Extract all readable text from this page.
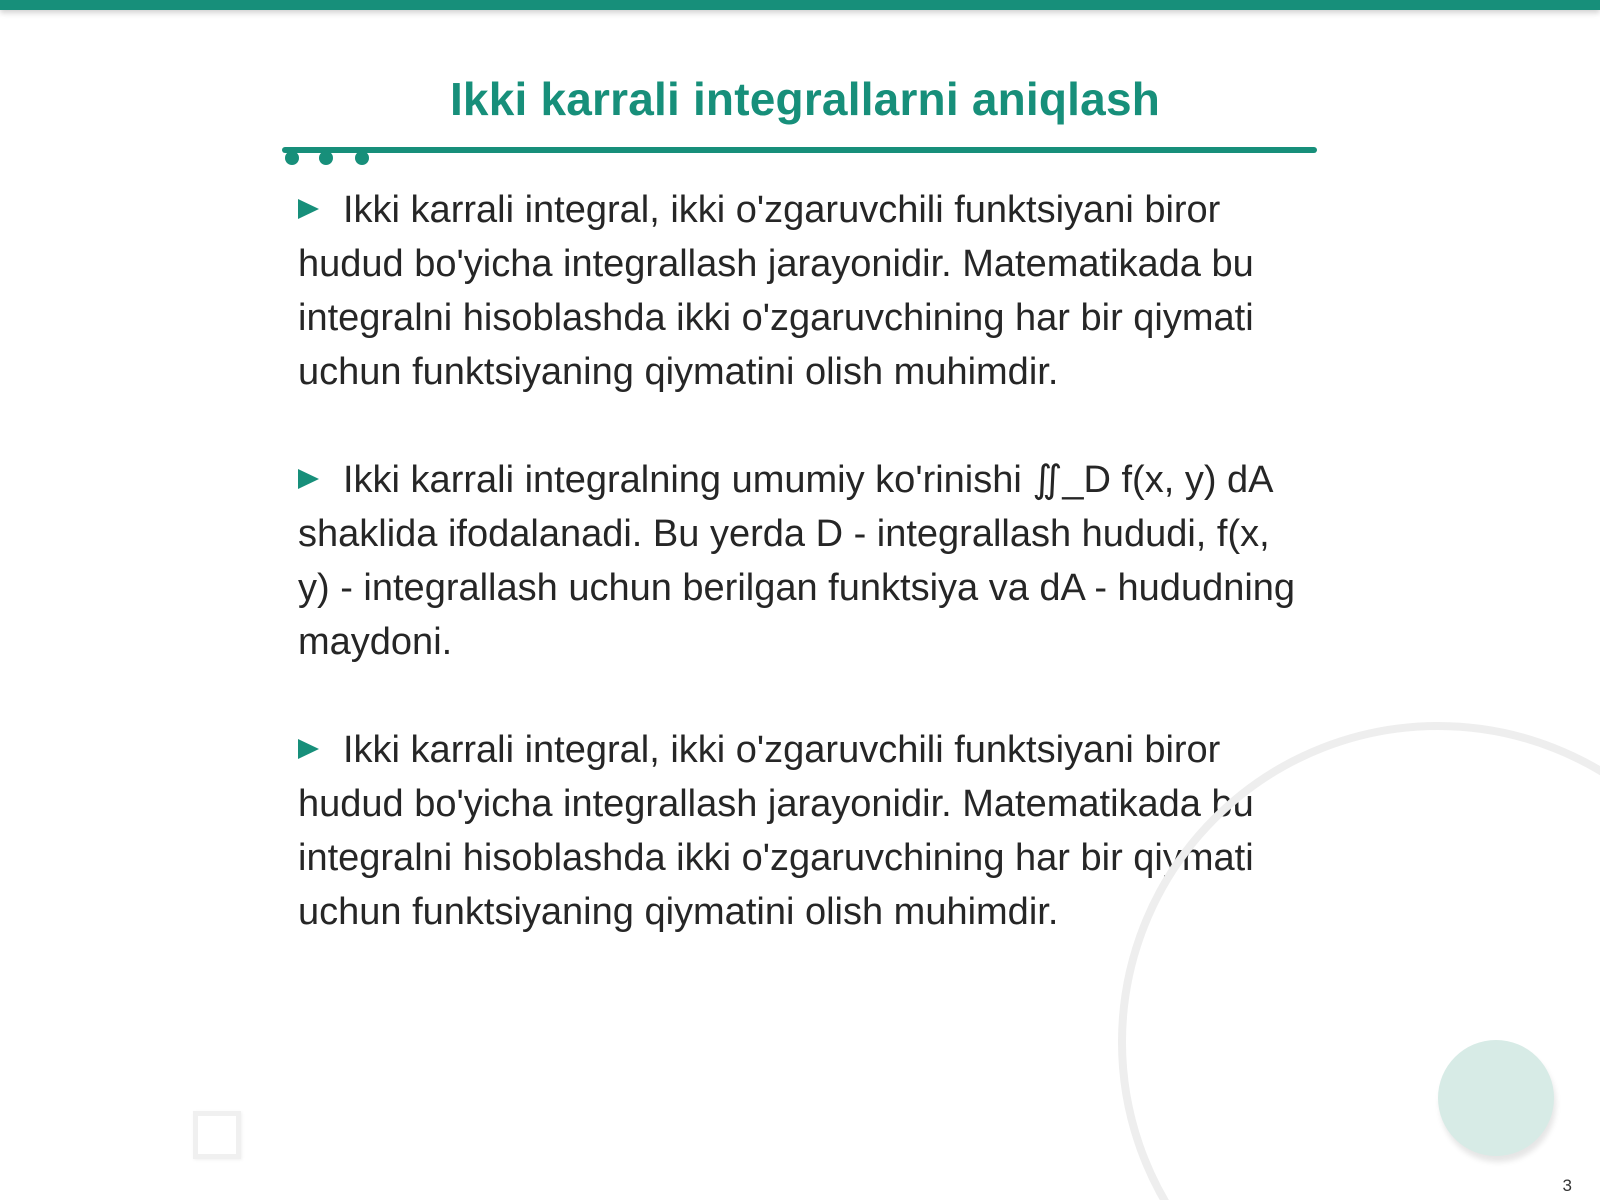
Ikki karrali integrallarni aniqlash
Ikki karrali integral, ikki o'zgaruvchili funktsiyani biror hudud bo'yicha integrallash jarayonidir. Matematikada bu integralni hisoblashda ikki o'zgaruvchining har bir qiymati uchun funktsiyaning qiymatini olish muhimdir.
Ikki karrali integralning umumiy ko'rinishi ∬_D f(x, y) dA shaklida ifodalanadi. Bu yerda D - integrallash hududi, f(x, y) - integrallash uchun berilgan funktsiya va dA - hududning maydoni.
Ikki karrali integral, ikki o'zgaruvchili funktsiyani biror hudud bo'yicha integrallash jarayonidir. Matematikada bu integralni hisoblashda ikki o'zgaruvchining har bir qiymati uchun funktsiyaning qiymatini olish muhimdir.
3
